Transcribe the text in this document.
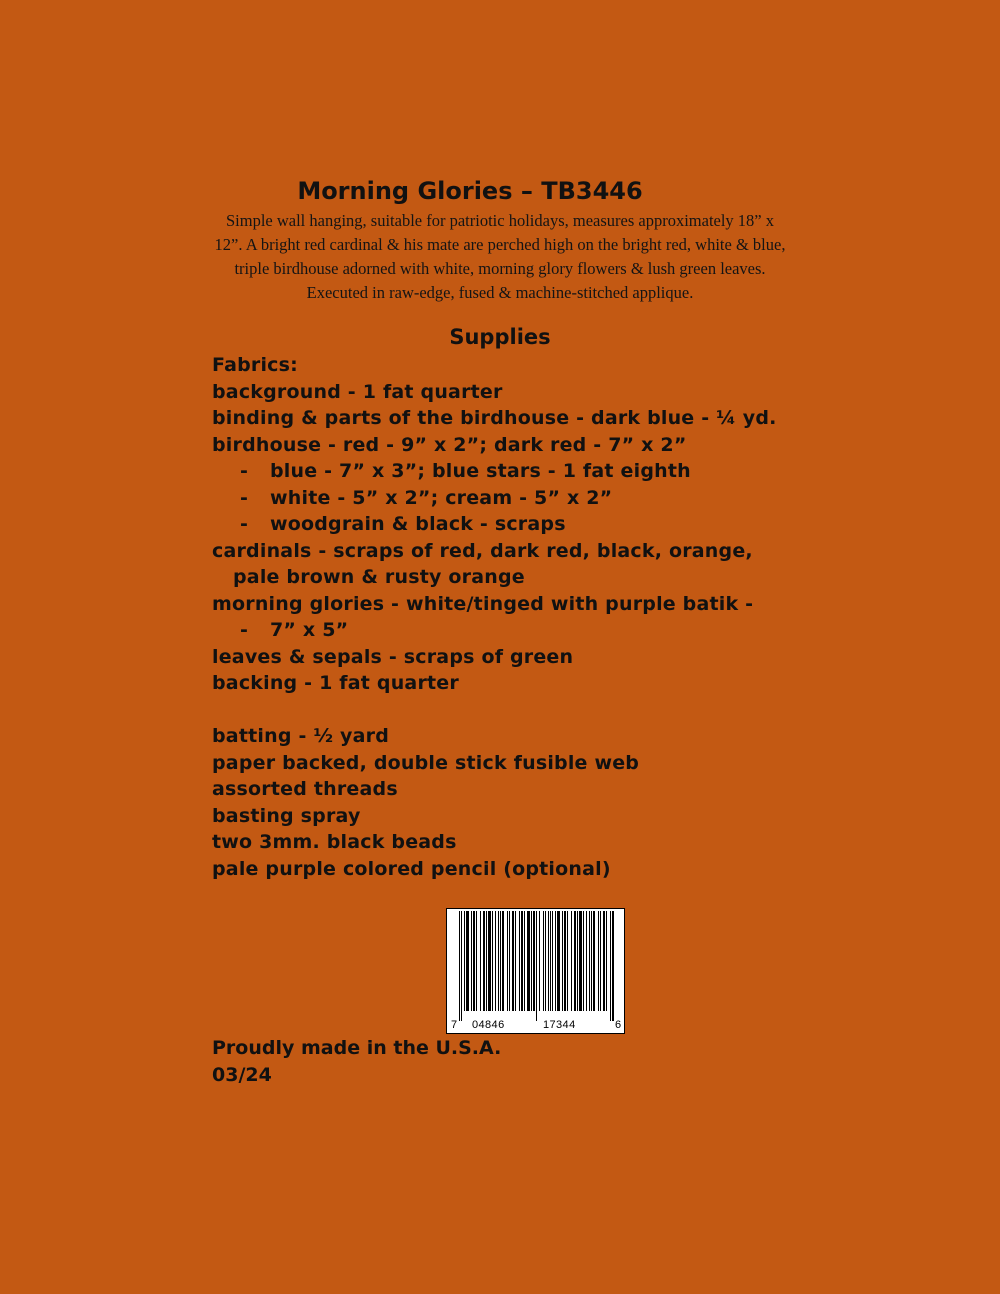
Morning Glories – TB3446

Simple wall hanging, suitable for patriotic holidays, measures approximately 18” x 12”. A bright red cardinal & his mate are perched high on the bright red, white & blue, triple birdhouse adorned with white, morning glory flowers & lush green leaves. Executed in raw-edge, fused & machine-stitched applique.

Supplies
Fabrics:
background - 1 fat quarter
binding & parts of the birdhouse - dark blue - ¼ yd.
birdhouse - red - 9” x 2”; dark red - 7” x 2”
- blue - 7” x 3”; blue stars - 1 fat eighth
- white - 5” x 2”; cream - 5” x 2”
- woodgrain & black - scraps
cardinals - scraps of red, dark red, black, orange,
pale brown & rusty orange
morning glories - white/tinged with purple batik -
- 7” x 5”
leaves & sepals - scraps of green
backing - 1 fat quarter
batting - ½ yard
paper backed, double stick fusible web
assorted threads
basting spray
two 3mm. black beads
pale purple colored pencil (optional)
7 04846	17344	6
Proudly made in the U.S.A.
03/24
